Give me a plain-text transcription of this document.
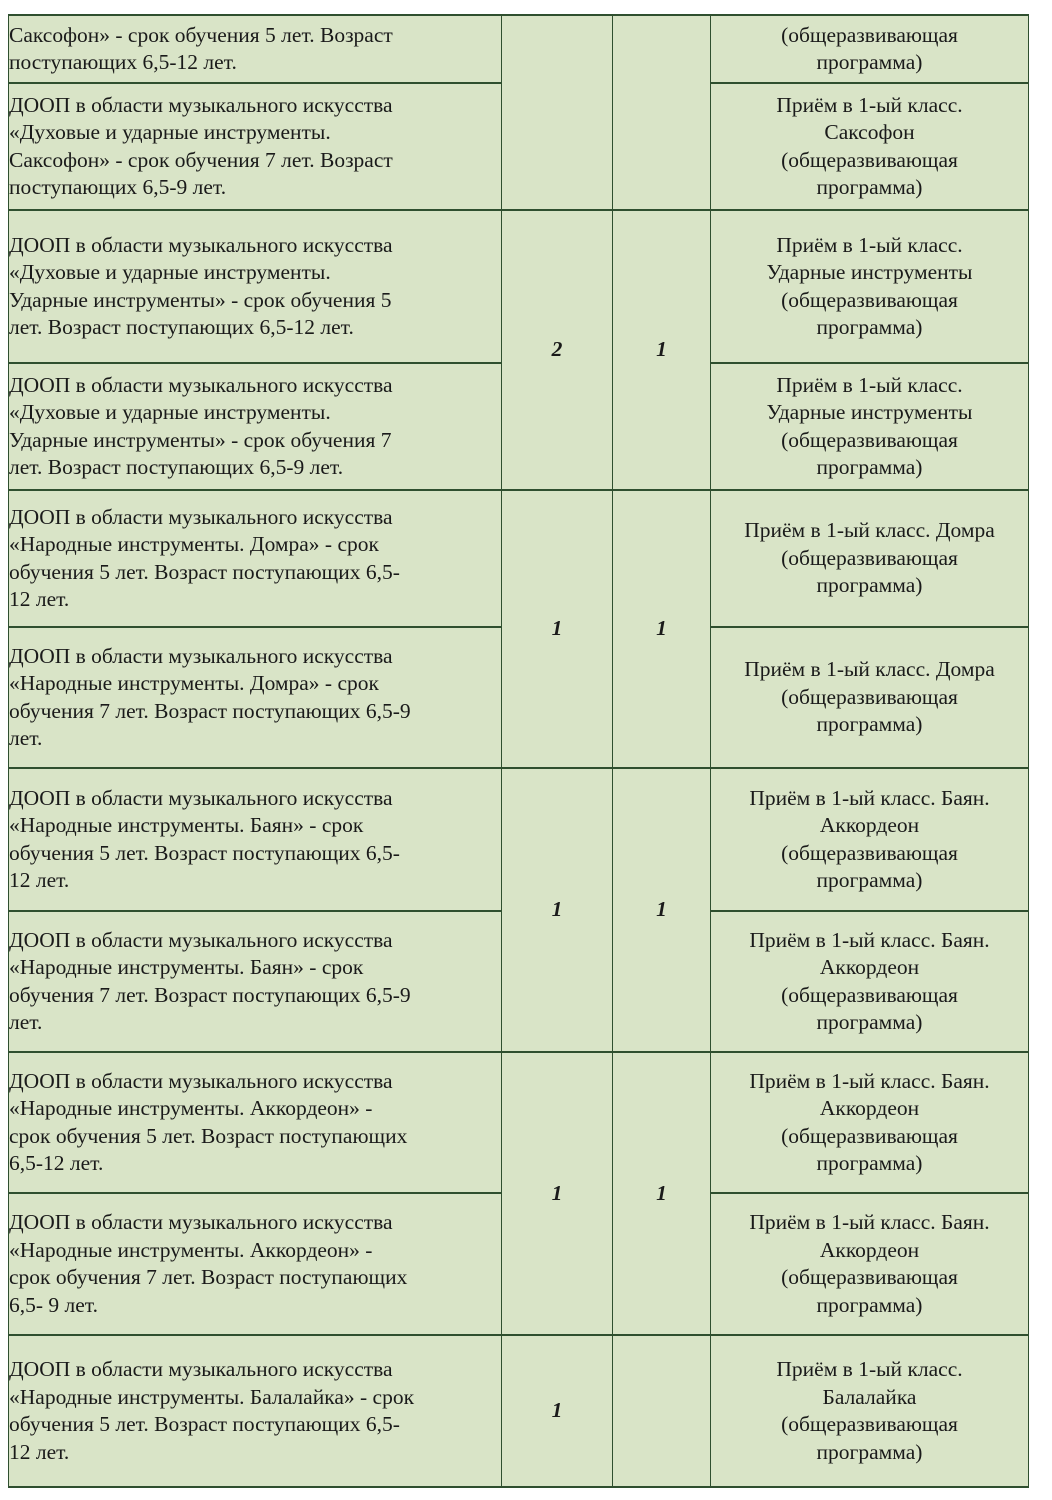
Саксофон» - срок обучения 5 лет. Возраст
поступающих 6,5-12 лет.			(общеразвивающая
программа)

ДООП в области музыкального искусства
«Духовые и ударные инструменты.
Саксофон» - срок обучения 7 лет. Возраст
поступающих 6,5-9 лет.			Приём в 1-ый класс.
Саксофон
(общеразвивающая
программа)

ДООП в области музыкального искусства
«Духовые и ударные инструменты.
Ударные инструменты» - срок обучения 5
лет. Возраст поступающих 6,5-12 лет.	2	1	Приём в 1-ый класс.
Ударные инструменты
(общеразвивающая
программа)

ДООП в области музыкального искусства
«Духовые и ударные инструменты.
Ударные инструменты» - срок обучения 7
лет. Возраст поступающих 6,5-9 лет.			Приём в 1-ый класс.
Ударные инструменты
(общеразвивающая
программа)

ДООП в области музыкального искусства
«Народные инструменты. Домра» - срок
обучения 5 лет. Возраст поступающих 6,5-
12 лет.	1	1	Приём в 1-ый класс. Домра
(общеразвивающая
программа)

ДООП в области музыкального искусства
«Народные инструменты. Домра» - срок
обучения 7 лет. Возраст поступающих 6,5-9
лет.			Приём в 1-ый класс. Домра
(общеразвивающая
программа)

ДООП в области музыкального искусства
«Народные инструменты. Баян» - срок
обучения 5 лет. Возраст поступающих 6,5-
12 лет.	1	1	Приём в 1-ый класс. Баян.
Аккордеон
(общеразвивающая
программа)

ДООП в области музыкального искусства
«Народные инструменты. Баян» - срок
обучения 7 лет. Возраст поступающих 6,5-9
лет.			Приём в 1-ый класс. Баян.
Аккордеон
(общеразвивающая
программа)

ДООП в области музыкального искусства
«Народные инструменты. Аккордеон» -
срок обучения 5 лет. Возраст поступающих
6,5-12 лет.	1	1	Приём в 1-ый класс. Баян.
Аккордеон
(общеразвивающая
программа)

ДООП в области музыкального искусства
«Народные инструменты. Аккордеон» -
срок обучения 7 лет. Возраст поступающих
6,5- 9 лет.			Приём в 1-ый класс. Баян.
Аккордеон
(общеразвивающая
программа)

ДООП в области музыкального искусства
«Народные инструменты. Балалайка» - срок
обучения 5 лет. Возраст поступающих 6,5-
12 лет.	1		Приём в 1-ый класс.
Балалайка
(общеразвивающая
программа)
